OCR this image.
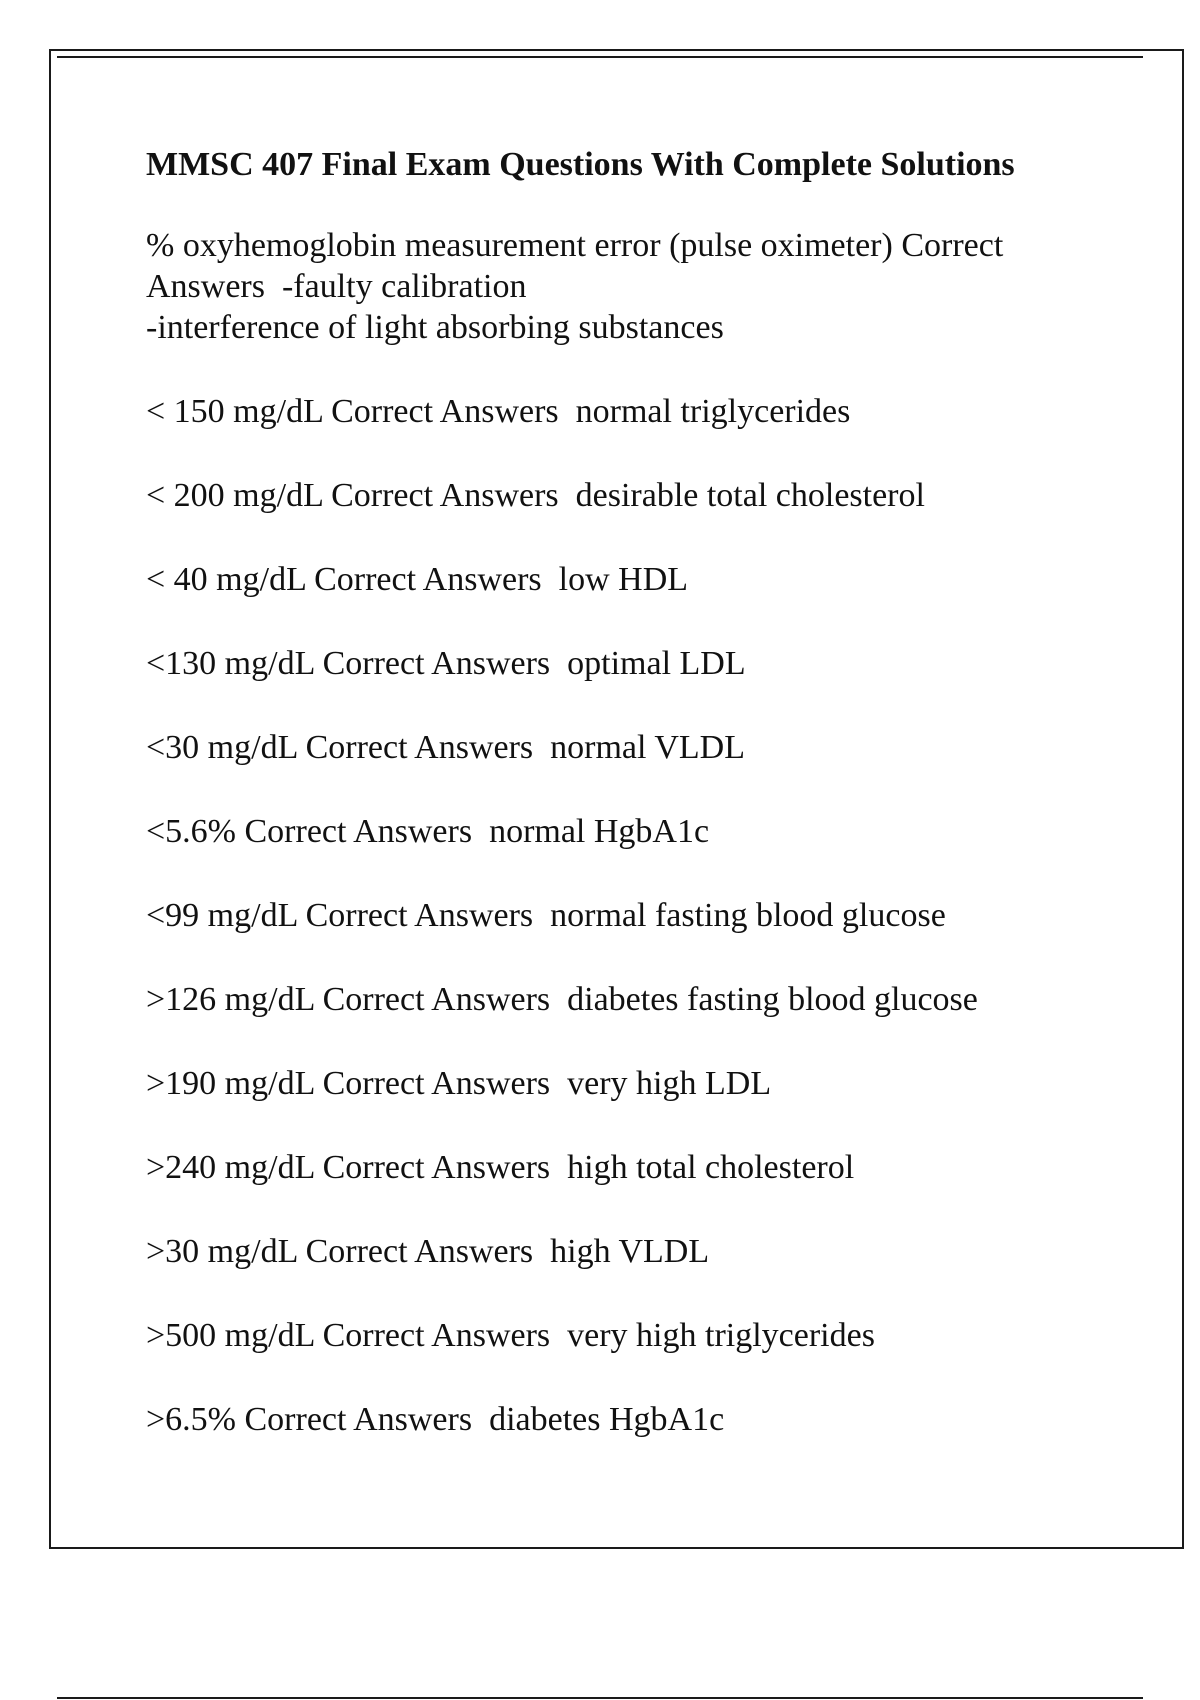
MMSC 407 Final Exam Questions With Complete Solutions
% oxyhemoglobin measurement error (pulse oximeter) Correct Answers -faulty calibration
-interference of light absorbing substances
< 150 mg/dL Correct Answers normal triglycerides
< 200 mg/dL Correct Answers desirable total cholesterol
< 40 mg/dL Correct Answers low HDL
<130 mg/dL Correct Answers optimal LDL
<30 mg/dL Correct Answers normal VLDL
<5.6% Correct Answers normal HgbA1c
<99 mg/dL Correct Answers normal fasting blood glucose
>126 mg/dL Correct Answers diabetes fasting blood glucose
>190 mg/dL Correct Answers very high LDL
>240 mg/dL Correct Answers high total cholesterol
>30 mg/dL Correct Answers high VLDL
>500 mg/dL Correct Answers very high triglycerides
>6.5% Correct Answers diabetes HgbA1c
